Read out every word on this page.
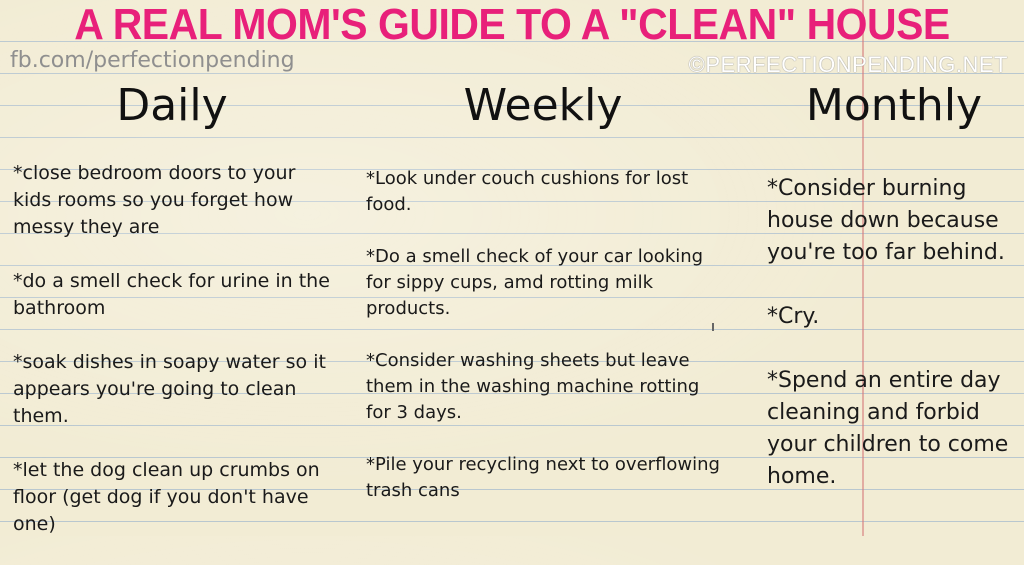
A REAL MOM'S GUIDE TO A "CLEAN" HOUSE
fb.com/perfectionpending	©PERFECTIONPENDING.NET
Daily	Weekly	Monthly
*close bedroom doors to your kids rooms so you forget how messy they are
*do a smell check for urine in the bathroom
*soak dishes in soapy water so it appears you're going to clean them.
*let the dog clean up crumbs on floor (get dog if you don't have one)
*Look under couch cushions for lost food.
*Do a smell check of your car looking for sippy cups, amd rotting milk products.
*Consider washing sheets but leave them in the washing machine rotting for 3 days.
*Pile your recycling next to overflowing trash cans
*Consider burning house down because you're too far behind.
*Cry.
*Spend an entire day cleaning and forbid your children to come home.
